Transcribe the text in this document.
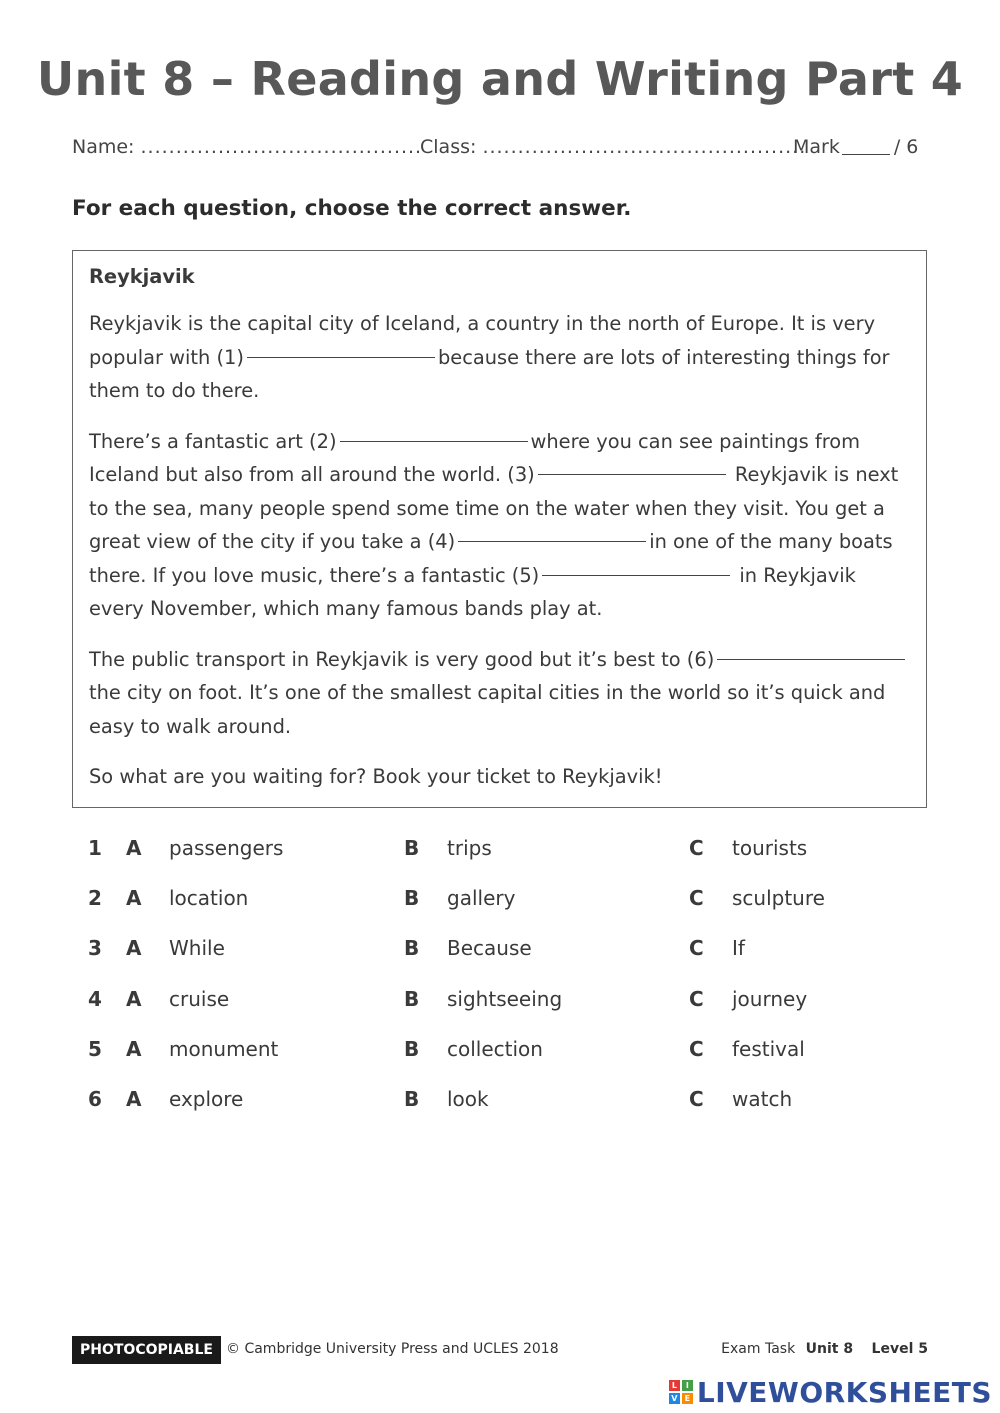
Unit 8 – Reading and Writing Part 4
Name: ........................................
Class: ..............................................
Mark	/ 6
For each question, choose the correct answer.
Reykjavik

Reykjavik is the capital city of Iceland, a country in the north of Europe. It is very popular with (1)	because there are lots of interesting things for them to do there.

There’s a fantastic art (2)	where you can see paintings from Iceland but also from all around the world. (3)	Reykjavik is next to the sea, many people spend some time on the water when they visit. You get a great view of the city if you take a (4)	in one of the many boats there. If you love music, there’s a fantastic (5)	in Reykjavik every November, which many famous bands play at.

The public transport in Reykjavik is very good but it’s best to (6)the city on foot. It’s one of the smallest capital cities in the world so it’s quick and easy to walk around.

So what are you waiting for? Book your ticket to Reykjavik!

1 A passengers	B trips	C tourists
2 A location	B gallery	C sculpture
3 A While	B Because	C If
4 A cruise	B sightseeing	C journey
5 A monument	B collection	C festival
6 A explore	B look	C watch
PHOTOCOPIABLE © Cambridge University Press and UCLES 2018	Exam Task Unit 8 Level 5
L	I
V E LIVEWORKSHEETS
